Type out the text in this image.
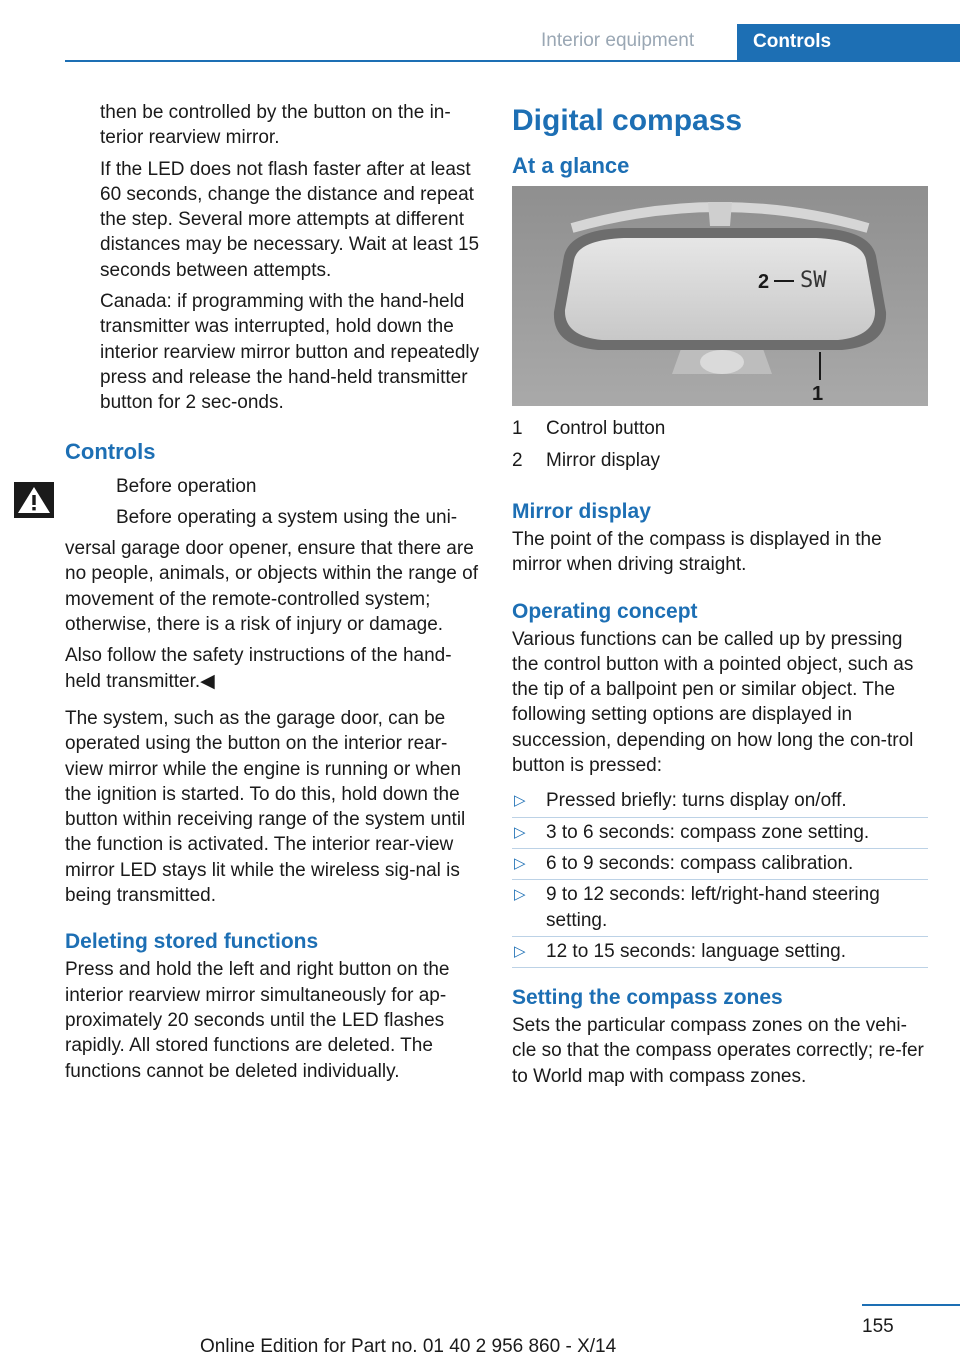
Interior equipment	Controls

then be controlled by the button on the in-terior rearview mirror.

If the LED does not flash faster after at least 60 seconds, change the distance and repeat the step. Several more attempts at different distances may be necessary. Wait at least 15 seconds between attempts.

Canada: if programming with the hand-held transmitter was interrupted, hold down the interior rearview mirror button and repeatedly press and release the hand-held transmitter button for 2 sec-onds.

Controls

Before operation

Before operating a system using the uni-

versal garage door opener, ensure that there are no people, animals, or objects within the range of movement of the remote-controlled system; otherwise, there is a risk of injury or damage.

Also follow the safety instructions of the hand-held transmitter.◀

The system, such as the garage door, can be operated using the button on the interior rear-view mirror while the engine is running or when the ignition is started. To do this, hold down the button within receiving range of the system until the function is activated. The interior rear-view mirror LED stays lit while the wireless sig-nal is being transmitted.

Deleting stored functions

Press and hold the left and right button on the interior rearview mirror simultaneously for ap-proximately 20 seconds until the LED flashes rapidly. All stored functions are deleted. The functions cannot be deleted individually.

Digital compass
At a glance
2 SW
1
1	Control button
2	Mirror display
Mirror display

The point of the compass is displayed in the mirror when driving straight.

Operating concept

Various functions can be called up by pressing the control button with a pointed object, such as the tip of a ballpoint pen or similar object. The following setting options are displayed in succession, depending on how long the con-trol button is pressed:

▷ Pressed briefly: turns display on/off.
▷ 3 to 6 seconds: compass zone setting.
▷ 6 to 9 seconds: compass calibration.
▷ 9 to 12 seconds: left/right-hand steering setting.
▷ 12 to 15 seconds: language setting.
Setting the compass zones

Sets the particular compass zones on the vehi-cle so that the compass operates correctly; re-fer to World map with compass zones.

155
Online Edition for Part no. 01 40 2 956 860 - X/14
